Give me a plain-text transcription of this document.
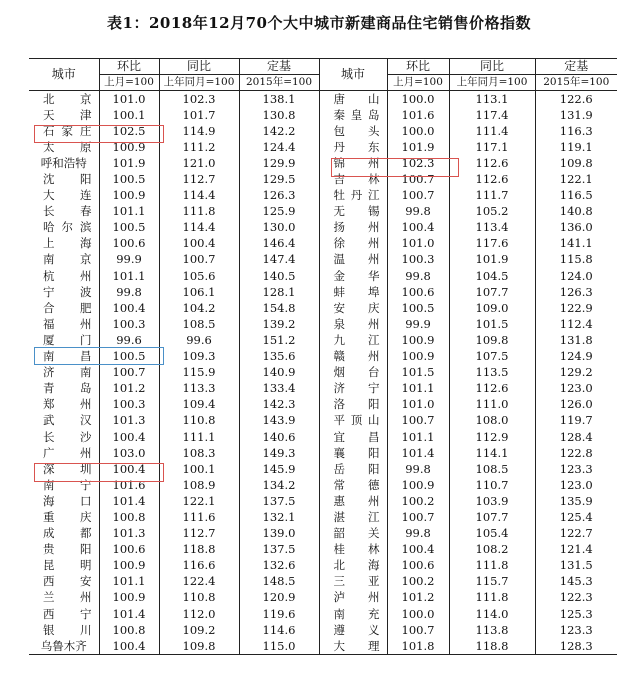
表1：2018年12月70个大中城市新建商品住宅销售价格指数
城市	环比	同比	定基	城市	环比	同比	定基
	上月=100	上年同月=100	2015年=100		上月=100	上年同月=100	2015年=100
北京	101.0	102.3	138.1	唐山	100.0	113.1	122.6
天津	100.1	101.7	130.8	秦皇岛	101.6	117.4	131.9
石家庄	102.5	114.9	142.2	包头	100.0	111.4	116.3
太原	100.9	111.2	124.4	丹东	101.9	117.1	119.1
呼和浩特	101.9	121.0	129.9	锦州	102.3	112.6	109.8
沈阳	100.5	112.7	129.5	吉林	100.7	112.6	122.1
大连	100.9	114.4	126.3	牡丹江	100.7	111.7	116.5
长春	101.1	111.8	125.9	无锡	99.8	105.2	140.8
哈尔滨	100.5	114.4	130.0	扬州	100.4	113.4	136.0
上海	100.6	100.4	146.4	徐州	101.0	117.6	141.1
南京	99.9	100.7	147.4	温州	100.3	101.9	115.8
杭州	101.1	105.6	140.5	金华	99.8	104.5	124.0
宁波	99.8	106.1	128.1	蚌埠	100.6	107.7	126.3
合肥	100.4	104.2	154.8	安庆	100.5	109.0	122.9
福州	100.3	108.5	139.2	泉州	99.9	101.5	112.4
厦门	99.6	99.6	151.2	九江	100.9	109.8	131.8
南昌	100.5	109.3	135.6	赣州	100.9	107.5	124.9
济南	100.7	115.9	140.9	烟台	101.5	113.5	129.2
青岛	101.2	113.3	133.4	济宁	101.1	112.6	123.0
郑州	100.3	109.4	142.3	洛阳	101.0	111.0	126.0
武汉	101.3	110.8	143.9	平顶山	100.7	108.0	119.7
长沙	100.4	111.1	140.6	宜昌	101.1	112.9	128.4
广州	103.0	108.3	149.3	襄阳	101.4	114.1	122.8
深圳	100.4	100.1	145.9	岳阳	99.8	108.5	123.3
南宁	101.6	108.9	134.2	常德	100.9	110.7	123.0
海口	101.4	122.1	137.5	惠州	100.2	103.9	135.9
重庆	100.8	111.6	132.1	湛江	100.7	107.7	125.4
成都	101.3	112.7	139.0	韶关	99.8	105.4	122.7
贵阳	100.6	118.8	137.5	桂林	100.4	108.2	121.4
昆明	100.9	116.6	132.6	北海	100.6	111.8	131.5
西安	101.1	122.4	148.5	三亚	100.2	115.7	145.3
兰州	100.9	110.8	120.9	泸州	101.2	111.8	122.3
西宁	101.4	112.0	119.6	南充	100.0	114.0	125.3
银川	100.8	109.2	114.6	遵义	100.7	113.8	123.3
乌鲁木齐	100.4	109.8	115.0	大理	101.8	118.8	128.3
